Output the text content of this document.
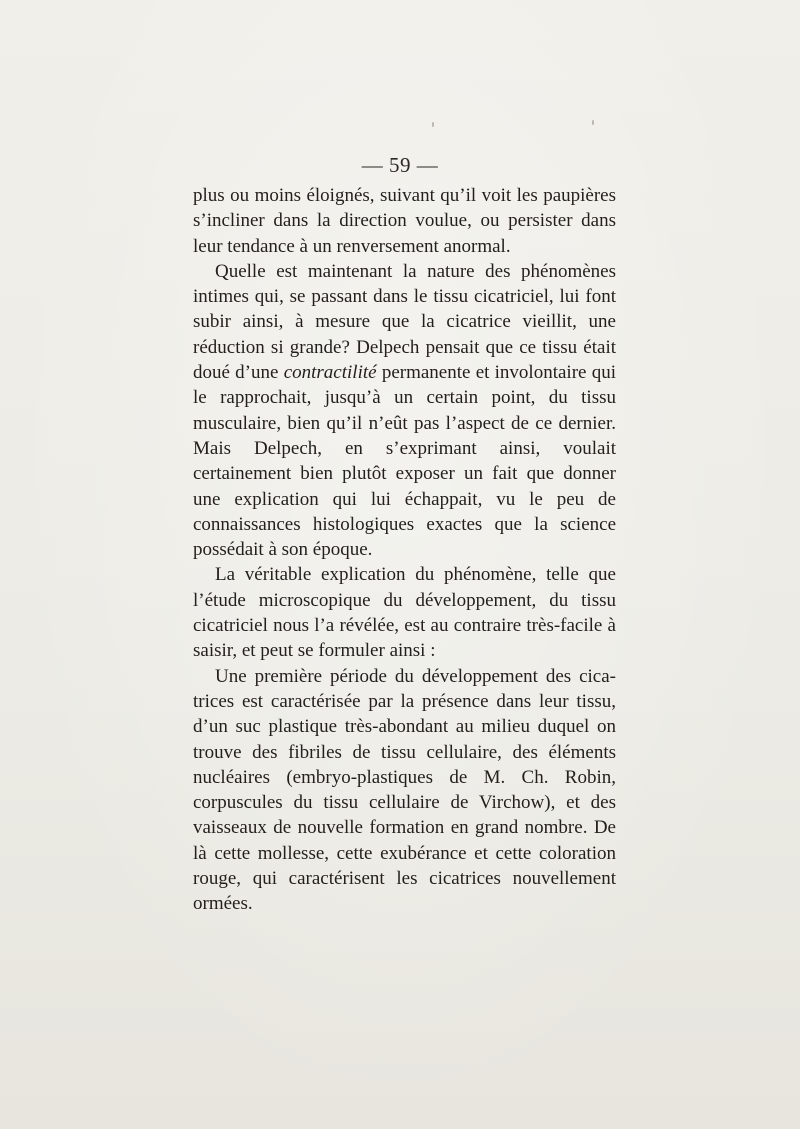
— 59 —

plus ou moins éloignés, suivant qu’il voit les paupières s’incliner dans la direction voulue, ou persister dans leur tendance à un renversement anormal.

Quelle est maintenant la nature des phénomènes intimes qui, se passant dans le tissu cicatriciel, lui font subir ainsi, à mesure que la cicatrice vieillit, une réduction si grande? Delpech pensait que ce tissu était doué d’une contractilité permanente et involontaire qui le rapprochait, jusqu’à un certain point, du tissu musculaire, bien qu’il n’eût pas l’aspect de ce dernier. Mais Delpech, en s’exprimant ainsi, voulait certainement bien plutôt exposer un fait que donner une explication qui lui échappait, vu le peu de connaissances histologiques exactes que la science possédait à son époque.

La véritable explication du phénomène, telle que l’étude microscopique du développement, du tissu cicatriciel nous l’a révélée, est au contraire très-facile à saisir, et peut se formuler ainsi :

Une première période du développement des cicatrices est caractérisée par la présence dans leur tissu, d’un suc plastique très-abondant au milieu duquel on trouve des fibriles de tissu cellulaire, des éléments nucléaires (embryo-plastiques de M. Ch. Robin, corpuscules du tissu cellulaire de Virchow), et des vaisseaux de nouvelle formation en grand nombre. De là cette mollesse, cette exubérance et cette coloration rouge, qui caractérisent les cicatrices nouvellement ormées.
